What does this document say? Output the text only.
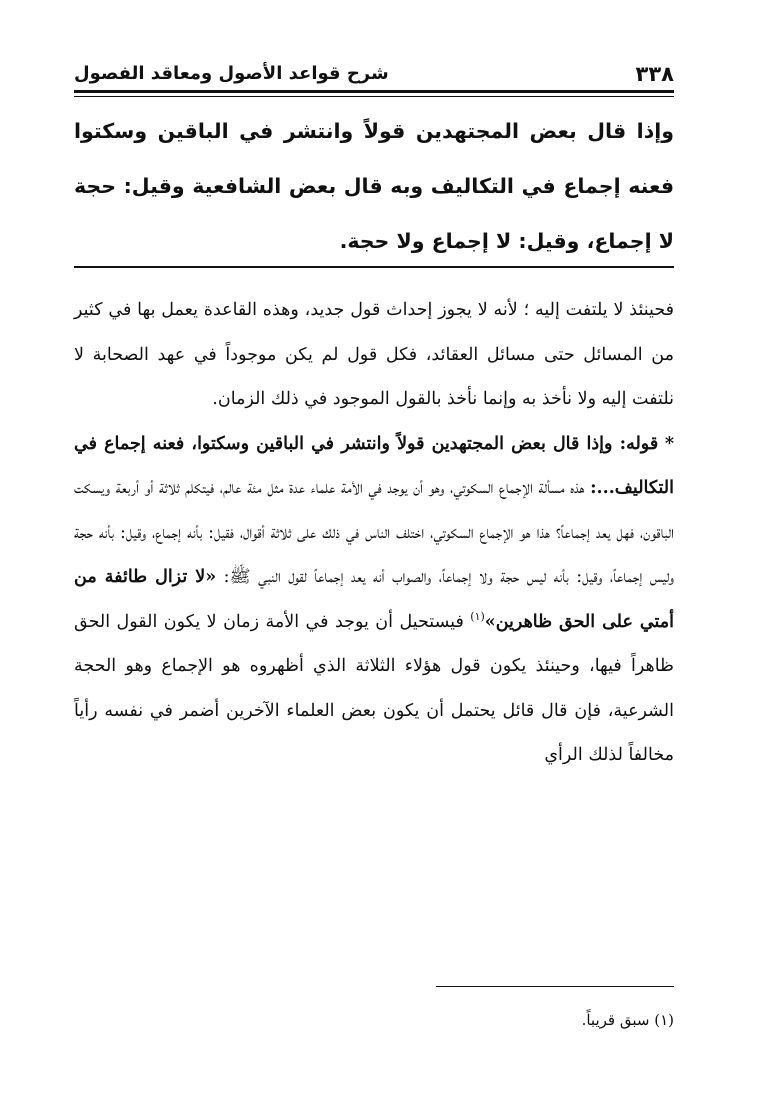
٣٣٨
شرح قواعد الأصول ومعاقد الفصول
وإذا قال بعض المجتهدين قولاً وانتشر في الباقين وسكتوا فعنه إجماع في التكاليف وبه قال بعض الشافعية وقيل: حجة لا إجماع، وقيل: لا إجماع ولا حجة.

فحينئذ لا يلتفت إليه ؛ لأنه لا يجوز إحداث قول جديد، وهذه القاعدة يعمل بها في كثير من المسائل حتى مسائل العقائد، فكل قول لم يكن موجوداً في عهد الصحابة لا نلتفت إليه ولا نأخذ به وإنما نأخذ بالقول الموجود في ذلك الزمان.

* قوله: وإذا قال بعض المجتهدين قولاً وانتشر في الباقين وسكتوا، فعنه إجماع في التكاليف...: هذه مسألة الإجماع السكوتي، وهو أن يوجد في الأمة علماء عدة مثل مئة عالم، فيتكلم ثلاثة أو أربعة ويسكت الباقون، فهل يعد إجماعاً؟ هذا هو الإجماع السكوتي، اختلف الناس في ذلك على ثلاثة أقوال، فقيل: بأنه إجماع، وقيل: بأنه حجة وليس إجماعاً، وقيل: بأنه ليس حجة ولا إجماعاً، والصواب أنه يعد إجماعاً لقول النبي ﷺ: «لا تزال طائفة من أمتي على الحق ظاهرين»$^{(١)}$ فيستحيل أن يوجد في الأمة زمان لا يكون القول الحق ظاهراً فيها، وحينئذ يكون قول هؤلاء الثلاثة الذي أظهروه هو الإجماع وهو الحجة الشرعية، فإن قال قائل يحتمل أن يكون بعض العلماء الآخرين أضمر في نفسه رأياً مخالفاً لذلك الرأي

(١) سبق قريباً.
